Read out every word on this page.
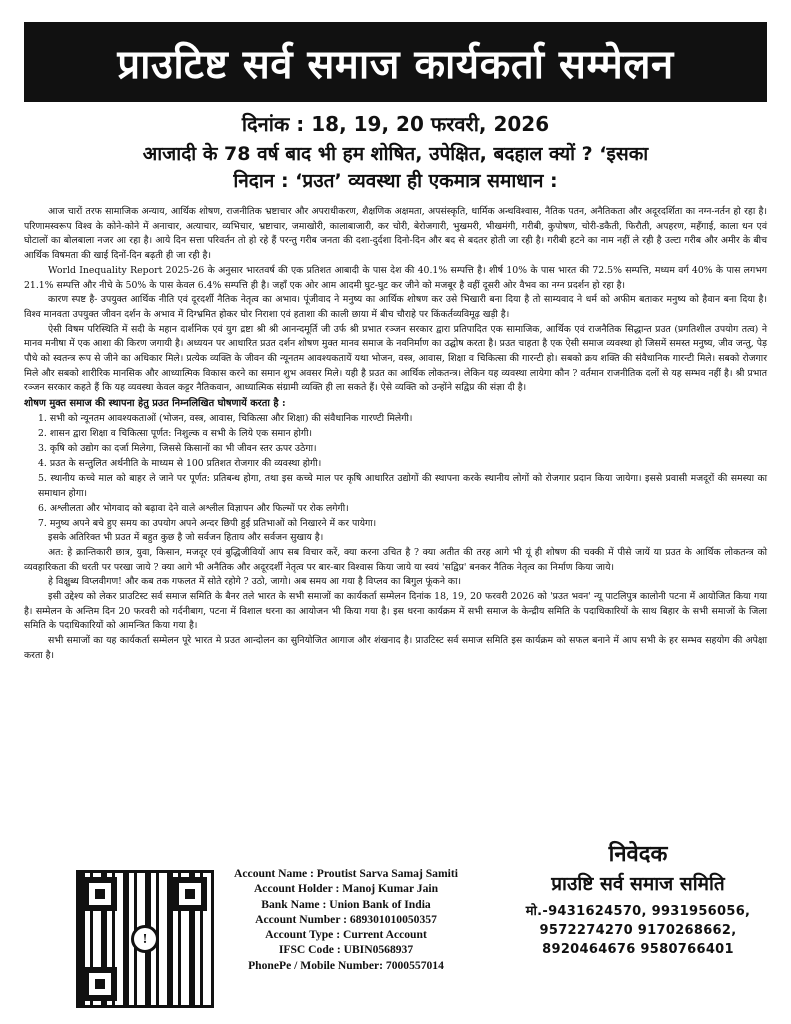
प्राउटिष्ट सर्व समाज कार्यकर्ता सम्मेलन
दिनांक : 18, 19, 20 फरवरी, 2026
आजादी के 78 वर्ष बाद भी हम शोषित, उपेक्षित, बदहाल क्यों ? ‘इसका
निदान : ‘प्रउत’ व्यवस्था ही एकमात्र समाधान :

आज चारों तरफ सामाजिक अन्याय, आर्थिक शोषण, राजनीतिक भ्रष्टाचार और अपराधीकरण, शैक्षणिक अक्षमता, अपसंस्कृति, धार्मिक अन्धविश्वास, नैतिक पतन, अनैतिकता और अदूरदर्शिता का नग्न-नर्तन हो रहा है। परिणामस्वरूप विश्व के कोने-कोने में अनाचार, अत्याचार, व्यभिचार, भ्रष्टाचार, जमाखोरी, कालाबाजारी, कर चोरी, बेरोजगारी, भुखमरी, भीखमंगी, गरीबी, कुपोषण, चोरी-डकैती, फिरौती, अपहरण, महँगाई, काला धन एवं घोटालों का बोलबाला नजर आ रहा है। आये दिन सत्ता परिवर्तन तो हो रहे हैं परन्तु गरीब जनता की दशा-दुर्दशा दिनो-दिन और बद से बदतर होती जा रही है। गरीबी हटने का नाम नहीं ले रही है उल्टा गरीब और अमीर के बीच आर्थिक विषमता की खाई दिनों-दिन बढ़ती ही जा रही है।

World Inequality Report 2025-26 के अनुसार भारतवर्ष की एक प्रतिशत आबादी के पास देश की 40.1% सम्पत्ति है। शीर्ष 10% के पास भारत की 72.5% सम्पत्ति, मध्यम वर्ग 40% के पास लगभग 21.1% सम्पत्ति और नीचे के 50% के पास केवल 6.4% सम्पत्ति ही है। जहाँ एक ओर आम आदमी घुट-घुट कर जीने को मजबूर है वहीं दूसरी ओर वैभव का नग्न प्रदर्शन हो रहा है।

कारण स्पष्ट है- उपयुक्त आर्थिक नीति एवं दूरदर्शी नैतिक नेतृत्व का अभाव। पूंजीवाद ने मनुष्य का आर्थिक शोषण कर उसे भिखारी बना दिया है तो साम्यवाद ने धर्म को अफीम बताकर मनुष्य को हैवान बना दिया है। विश्व मानवता उपयुक्त जीवन दर्शन के अभाव में दिग्भ्रमित होकर घोर निराशा एवं हताशा की काली छाया में बीच चौराहे पर किंकर्तव्यविमूढ़ खड़ी है।

ऐसी विषम परिस्थिति में सदी के महान दार्शनिक एवं युग द्रष्टा श्री श्री आनन्दमूर्ति जी उर्फ श्री प्रभात रञ्जन सरकार द्वारा प्रतिपादित एक सामाजिक, आर्थिक एवं राजनैतिक सिद्धान्त प्रउत (प्रगतिशील उपयोग तत्व) ने मानव मनीषा में एक आशा की किरण जगायी है। अध्ययन पर आधारित प्रउत दर्शन शोषण मुक्त मानव समाज के नवनिर्माण का उद्घोष करता है। प्रउत चाहता है एक ऐसी समाज व्यवस्था हो जिसमें समस्त मनुष्य, जीव जन्तु, पेड़ पौधे को स्वतन्त्र रूप से जीने का अधिकार मिले। प्रत्येक व्यक्ति के जीवन की न्यूनतम आवश्यकतायें यथा भोजन, वस्त्र, आवास, शिक्षा व चिकित्सा की गारन्टी हो। सबको क्रय शक्ति की संवैधानिक गारन्टी मिले। सबको रोजगार मिले और सबको शारीरिक मानसिक और आध्यात्मिक विकास करने का समान शुभ अवसर मिले। यही है प्रउत का आर्थिक लोकतन्त्र। लेकिन यह व्यवस्था लायेगा कौन ? वर्तमान राजनीतिक दलों से यह सम्भव नहीं है। श्री प्रभात रञ्जन सरकार कहते हैं कि यह व्यवस्था केवल कट्टर नैतिकवान, आध्यात्मिक संग्रामी व्यक्ति ही ला सकते हैं। ऐसे व्यक्ति को उन्होंने सद्विप्र की संज्ञा दी है।

शोषण मुक्त समाज की स्थापना हेतु प्रउत निम्नलिखित घोषणायें करता है :
1. सभी को न्यूनतम आवश्यकताओं (भोजन, वस्त्र, आवास, चिकित्सा और शिक्षा) की संवैधानिक गारण्टी मिलेगी।
2. शासन द्वारा शिक्षा व चिकित्सा पूर्णत: निशुल्क व सभी के लिये एक समान होगी।
3. कृषि को उद्योग का दर्जा मिलेगा, जिससे किसानों का भी जीवन स्तर ऊपर उठेगा।
4. प्रउत के सन्तुलित अर्थनीति के माध्यम से 100 प्रतिशत रोजगार की व्यवस्था होगी।
5. स्थानीय कच्चे माल को बाहर ले जाने पर पूर्णत: प्रतिबन्ध होगा, तथा इस कच्चे माल पर कृषि आधारित उद्योगों की स्थापना करके स्थानीय लोगों को रोजगार प्रदान किया जायेगा। इससे प्रवासी मजदूरों की समस्या का समाधान होगा।
6. अश्लीलता और भोगवाद को बढ़ावा देने वाले अश्लील विज्ञापन और फिल्मों पर रोक लगेगी।
7. मनुष्य अपने बचे हुए समय का उपयोग अपने अन्दर छिपी हुई प्रतिभाओं को निखारने में कर पायेगा।

इसके अतिरिक्त भी प्रउत में बहुत कुछ है जो सर्वजन हिताय और सर्वजन सुखाय है।

अत: हे क्रान्तिकारी छात्र, युवा, किसान, मजदूर एवं बुद्धिजीवियों आप सब विचार करें, क्या करना उचित है ? क्या अतीत की तरह आगे भी यूं ही शोषण की चक्की में पीसे जायें या प्रउत के आर्थिक लोकतन्त्र को व्यवहारिकता की धरती पर परखा जाये ? क्या आगे भी अनैतिक और अदूरदर्शी नेतृत्व पर बार-बार विश्वास किया जाये या स्वयं 'सद्विप्र' बनकर नैतिक नेतृत्व का निर्माण किया जाये।

हे विक्षुब्ध विप्लवीगण! और कब तक गफलत में सोते रहोगे ? उठो, जागो। अब समय आ गया है विप्लव का बिगुल फूंकने का।

इसी उद्देश्य को लेकर प्राउटिस्ट सर्व समाज समिति के बैनर तले भारत के सभी समाजों का कार्यकर्ता सम्मेलन दिनांक 18, 19, 20 फरवरी 2026 को 'प्रउत भवन' न्यू पाटलिपुत्र कालोनी पटना में आयोजित किया गया है। सम्मेलन के अन्तिम दिन 20 फरवरी को गर्दनीबाग, पटना में विशाल धरना का आयोजन भी किया गया है। इस धरना कार्यक्रम में सभी समाज के केन्द्रीय समिति के पदाधिकारियों के साथ बिहार के सभी समाजों के जिला समिति के पदाधिकारियों को आमन्त्रित किया गया है।

सभी समाजों का यह कार्यकर्ता सम्मेलन पूरे भारत मे प्रउत आन्दोलन का सुनियोजित आगाज और शंखनाद है। प्राउटिस्ट सर्व समाज समिति इस कार्यक्रम को सफल बनाने में आप सभी के हर सम्भव सहयोग की अपेक्षा करता है।

!
Account Name : Proutist Sarva Samaj Samiti
Account Holder : Manoj Kumar Jain
Bank Name : Union Bank of India
Account Number : 689301010050357
Account Type : Current Account
IFSC Code : UBIN0568937
PhonePe / Mobile Number: 7000557014
निवेदक
प्राउष्टि सर्व समाज समिति
मो.-9431624570, 9931956056,
9572274270 9170268662,
8920464676 9580766401
